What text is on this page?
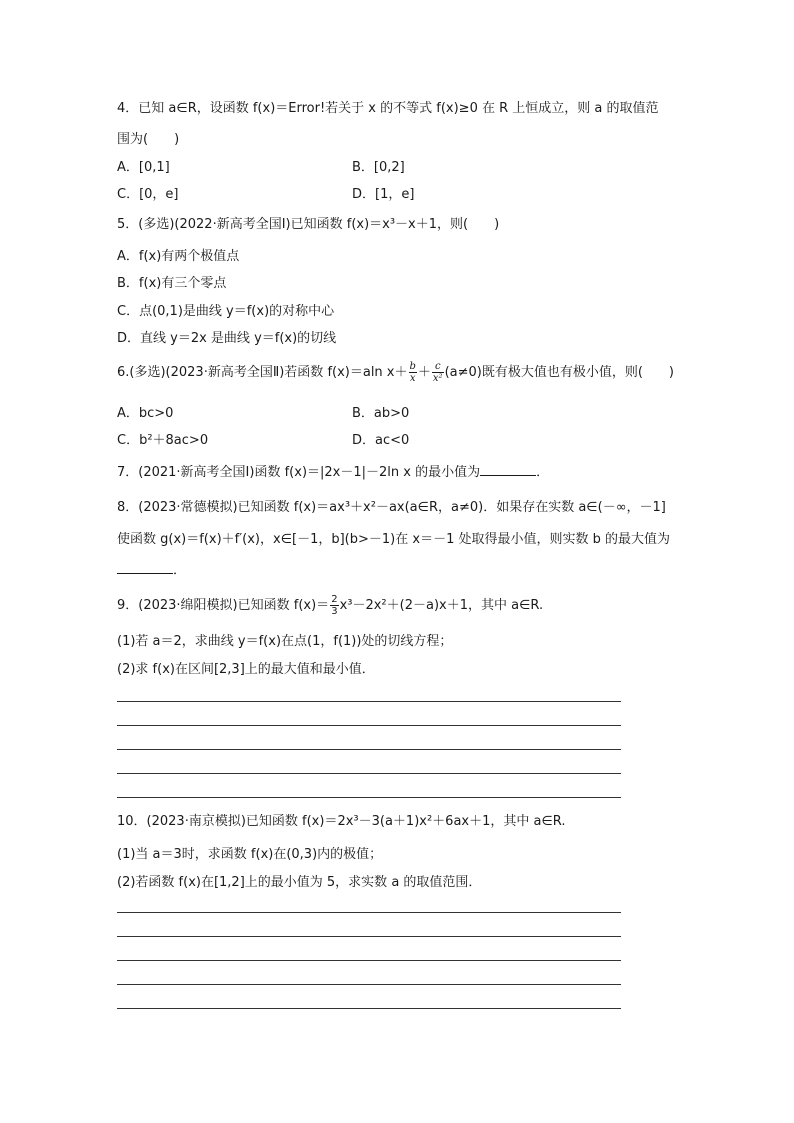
4．已知 a∈R，设函数 f(x)＝Error!若关于 x 的不等式 f(x)≥0 在 R 上恒成立，则 a 的取值范
围为(　　)
A．[0,1]	B．[0,2]
C．[0，e]	D．[1，e]
5．(多选)(2022·新高考全国Ⅰ)已知函数 f(x)＝x³－x＋1，则(　　)
A．f(x)有两个极值点
B．f(x)有三个零点
C．点(0,1)是曲线 y＝f(x)的对称中心
D．直线 y＝2x 是曲线 y＝f(x)的切线
6.(多选)(2023·新高考全国Ⅱ)若函数 f(x)＝aln $x+ \frac{b}{x} + \frac{c}{\text{x²}} (a\ne 0)$既有极大值也有极小值，则(　　)
A．bc>0	B．ab>0
C．b²＋8ac>0	D．ac<0
7．(2021·新高考全国Ⅰ)函数 f(x)＝|2x－1|－2ln x 的最小值为	．
8．(2023·常德模拟)已知函数 f(x)＝ax³＋x²－ax(a∈R，a≠0)．如果存在实数 a∈(－∞，－1]
使函数 g(x)＝f(x)＋f′(x)，x∈[－1，b](b>－1)在 x＝－1 处取得最小值，则实数 b 的最大值为
．
9．(2023·绵阳模拟)已知函数 $f(x)= \frac{2}{3} x^3-2x^2+(2-a)x+1$，其中 a∈R.
(1)若 a＝2，求曲线 y＝f(x)在点(1，f(1))处的切线方程；
(2)求 f(x)在区间[2,3]上的最大值和最小值．
10．(2023·南京模拟)已知函数 f(x)＝2x³－3(a＋1)x²＋6ax＋1，其中 a∈R.
(1)当 a＝3时，求函数 f(x)在(0,3)内的极值；
(2)若函数 f(x)在[1,2]上的最小值为 5，求实数 a 的取值范围．
